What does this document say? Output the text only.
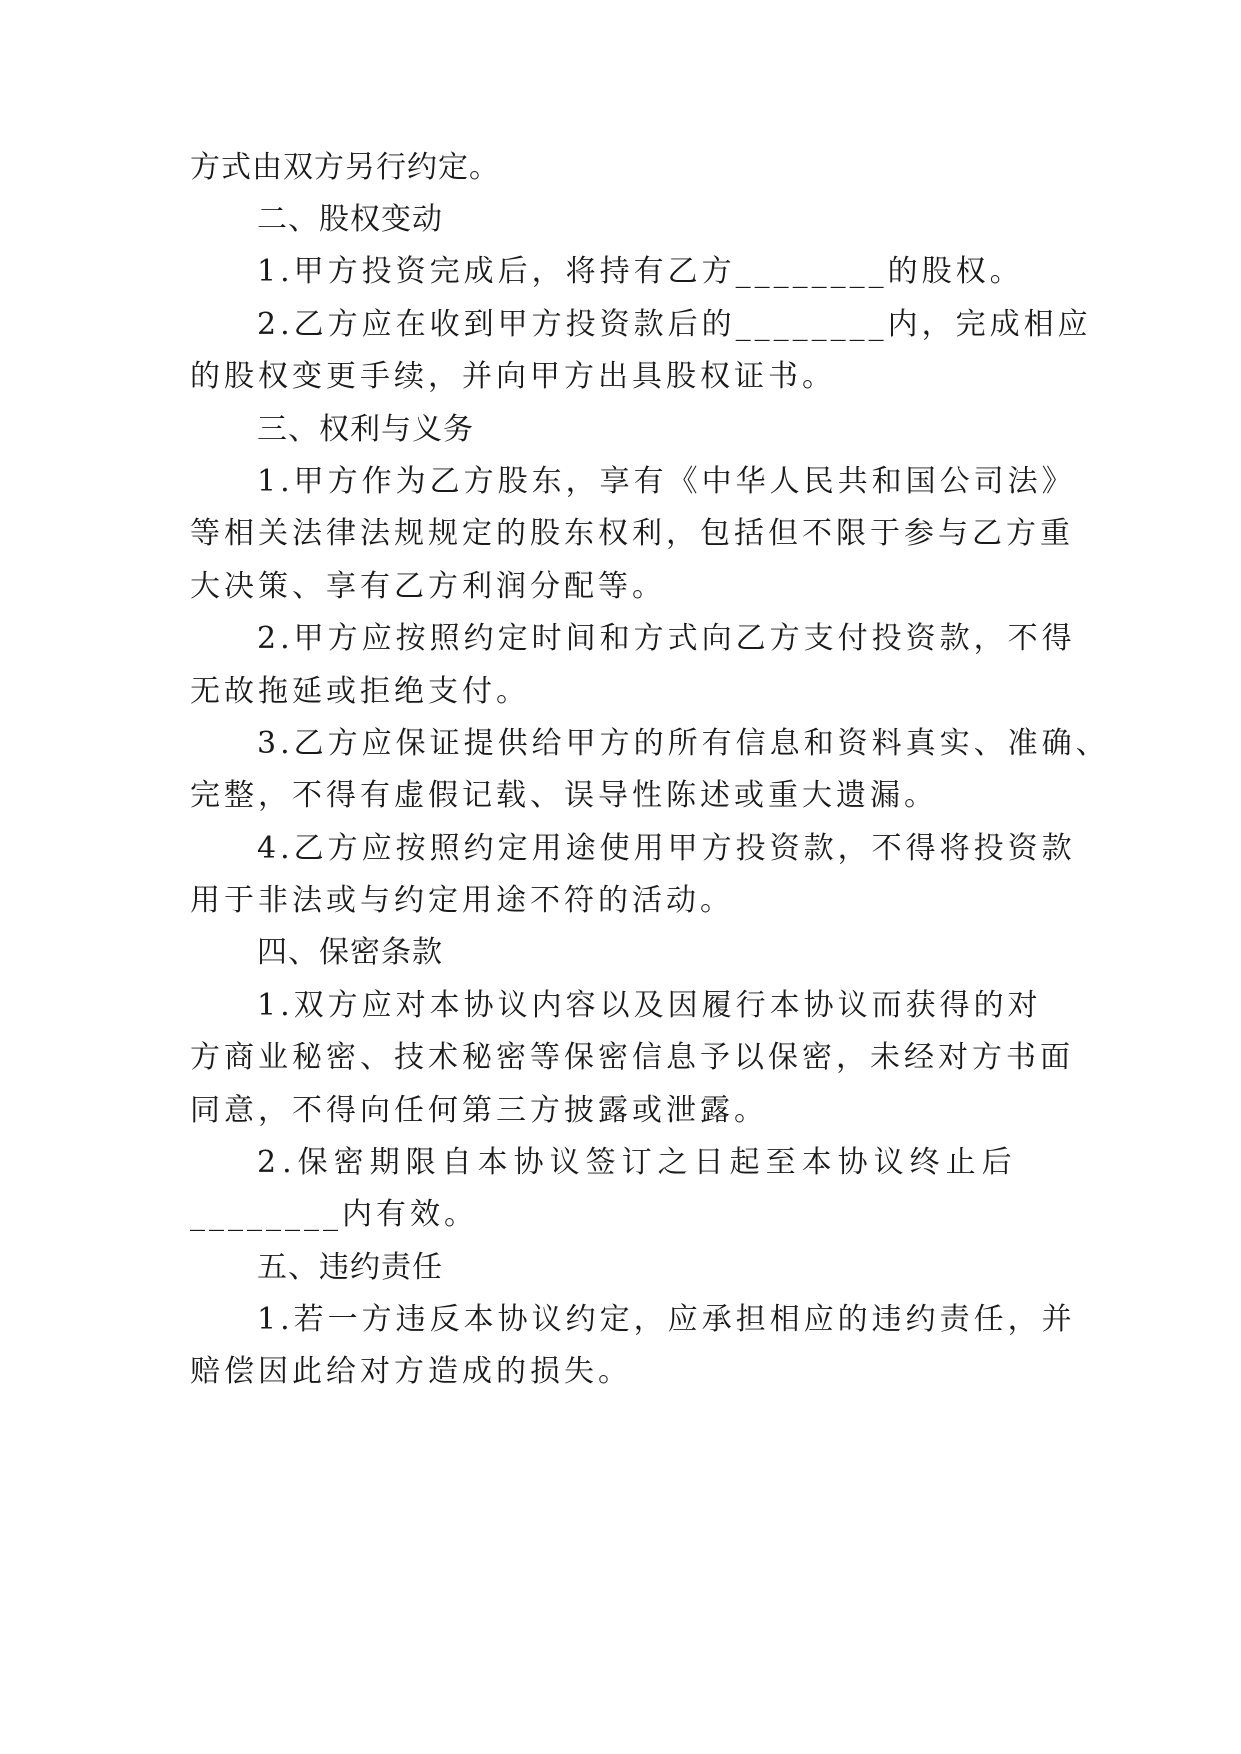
方式由双方另行约定。
二、股权变动
1.甲方投资完成后，将持有乙方________的股权。
2.乙方应在收到甲方投资款后的________内，完成相应
的股权变更手续，并向甲方出具股权证书。
三、权利与义务
1.甲方作为乙方股东，享有《中华人民共和国公司法》
等相关法律法规规定的股东权利，包括但不限于参与乙方重
大决策、享有乙方利润分配等。
2.甲方应按照约定时间和方式向乙方支付投资款，不得
无故拖延或拒绝支付。
3.乙方应保证提供给甲方的所有信息和资料真实、准确、
完整，不得有虚假记载、误导性陈述或重大遗漏。
4.乙方应按照约定用途使用甲方投资款，不得将投资款
用于非法或与约定用途不符的活动。
四、保密条款
1.双方应对本协议内容以及因履行本协议而获得的对
方商业秘密、技术秘密等保密信息予以保密，未经对方书面
同意，不得向任何第三方披露或泄露。
2.保密期限自本协议签订之日起至本协议终止后
________内有效。
五、违约责任
1.若一方违反本协议约定，应承担相应的违约责任，并
赔偿因此给对方造成的损失。
